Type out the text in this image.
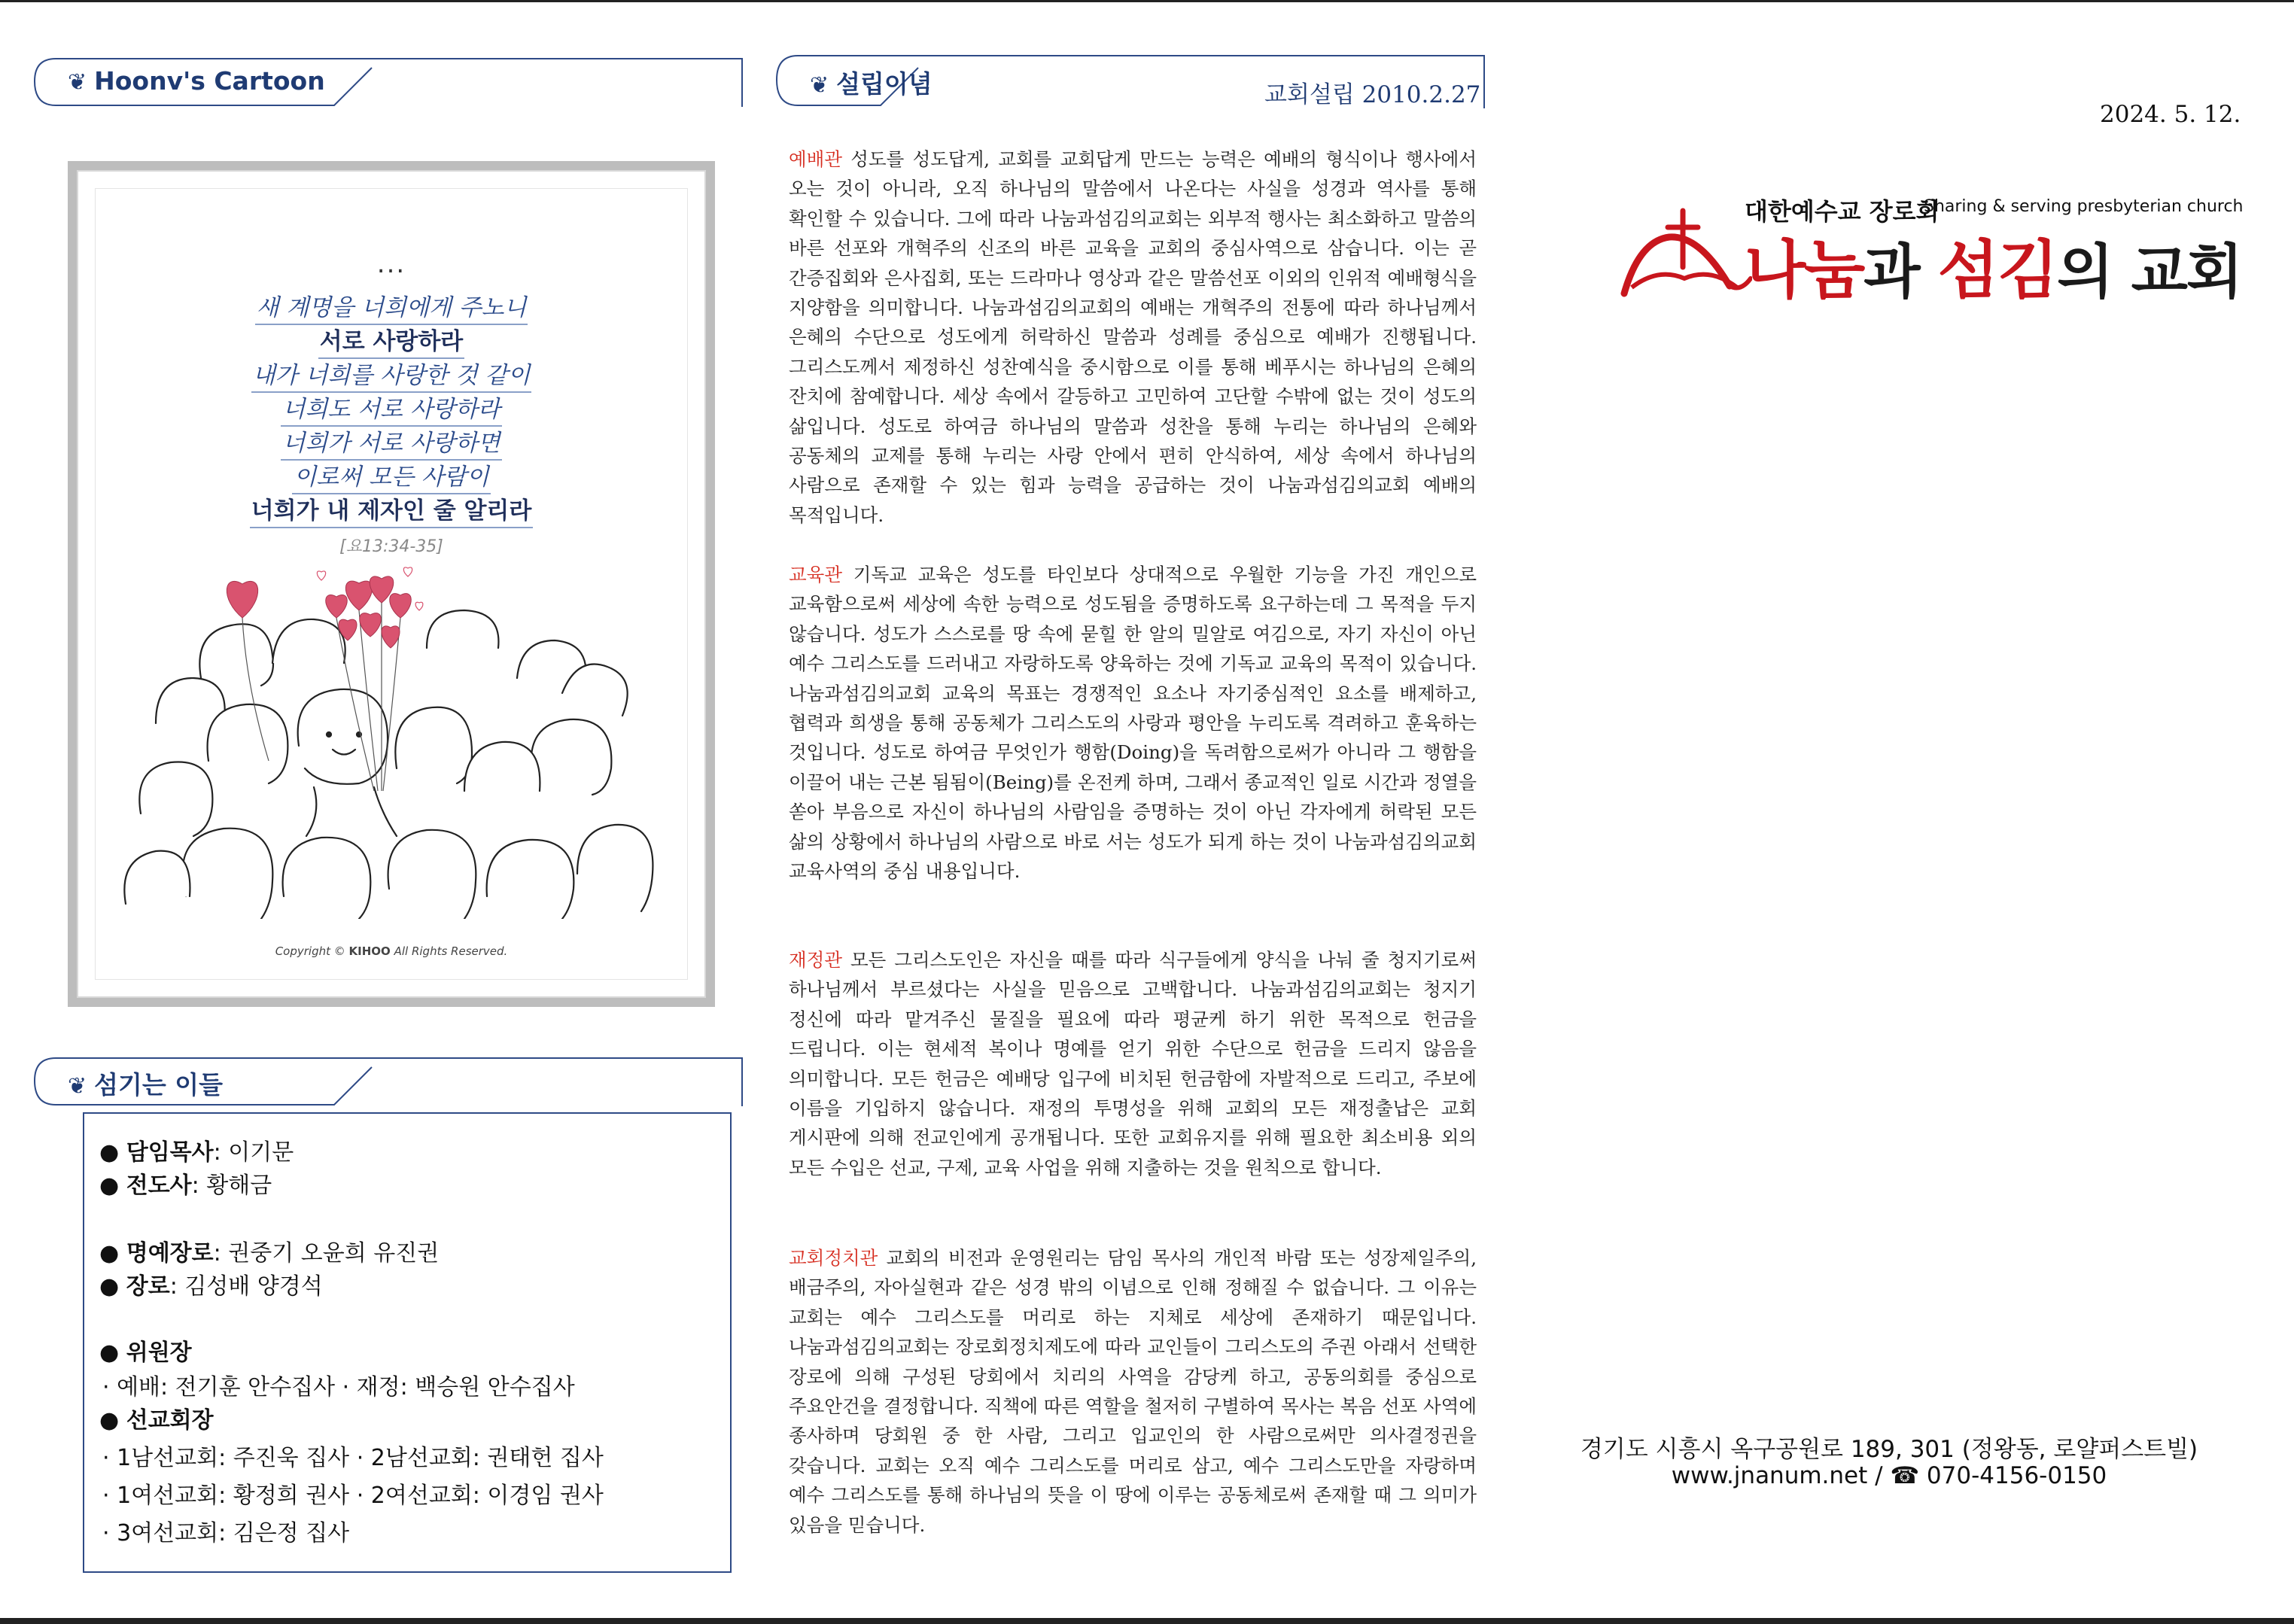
❦ Hoonv's Cartoon
...
새 계명을 너희에게 주노니
서로 사랑하라
내가 너희를 사랑한 것 같이
너희도 서로 사랑하라
너희가 서로 사랑하면
이로써 모든 사람이
너희가 내 제자인 줄 알리라
[요13:34-35]
Copyright © KIHOO All Rights Reserved.
❦ 섬기는 이들
● 담임목사: 이기문
● 전도사: 황해금
● 명예장로: 권중기 오윤희 유진권
● 장로: 김성배 양경석
● 위원장
· 예배: 전기훈 안수집사 · 재정: 백승원 안수집사
● 선교회장
· 1남선교회: 주진욱 집사 · 2남선교회: 권태헌 집사
· 1여선교회: 황정희 권사 · 2여선교회: 이경임 권사
· 3여선교회: 김은정 집사
❦ 설립이념	교회설립 2010.2.27
예배관 성도를 성도답게, 교회를 교회답게 만드는 능력은 예배의 형식이나 행사에서 오는 것이 아니라, 오직 하나님의 말씀에서 나온다는 사실을 성경과 역사를 통해 확인할 수 있습니다. 그에 따라 나눔과섬김의교회는 외부적 행사는 최소화하고 말씀의 바른 선포와 개혁주의 신조의 바른 교육을 교회의 중심사역으로 삼습니다. 이는 곧 간증집회와 은사집회, 또는 드라마나 영상과 같은 말씀선포 이외의 인위적 예배형식을 지양함을 의미합니다. 나눔과섬김의교회의 예배는 개혁주의 전통에 따라 하나님께서 은혜의 수단으로 성도에게 허락하신 말씀과 성례를 중심으로 예배가 진행됩니다. 그리스도께서 제정하신 성찬예식을 중시함으로 이를 통해 베푸시는 하나님의 은혜의 잔치에 참예합니다. 세상 속에서 갈등하고 고민하여 고단할 수밖에 없는 것이 성도의 삶입니다. 성도로 하여금 하나님의 말씀과 성찬을 통해 누리는 하나님의 은혜와 공동체의 교제를 통해 누리는 사랑 안에서 편히 안식하여, 세상 속에서 하나님의 사람으로 존재할 수 있는 힘과 능력을 공급하는 것이 나눔과섬김의교회 예배의 목적입니다.
교육관 기독교 교육은 성도를 타인보다 상대적으로 우월한 기능을 가진 개인으로 교육함으로써 세상에 속한 능력으로 성도됨을 증명하도록 요구하는데 그 목적을 두지 않습니다. 성도가 스스로를 땅 속에 묻힐 한 알의 밀알로 여김으로, 자기 자신이 아닌 예수 그리스도를 드러내고 자랑하도록 양육하는 것에 기독교 교육의 목적이 있습니다. 나눔과섬김의교회 교육의 목표는 경쟁적인 요소나 자기중심적인 요소를 배제하고, 협력과 희생을 통해 공동체가 그리스도의 사랑과 평안을 누리도록 격려하고 훈육하는 것입니다. 성도로 하여금 무엇인가 행함(Doing)을 독려함으로써가 아니라 그 행함을 이끌어 내는 근본 됨됨이(Being)를 온전케 하며, 그래서 종교적인 일로 시간과 정열을 쏟아 부음으로 자신이 하나님의 사람임을 증명하는 것이 아닌 각자에게 허락된 모든 삶의 상황에서 하나님의 사람으로 바로 서는 성도가 되게 하는 것이 나눔과섬김의교회 교육사역의 중심 내용입니다.
재정관 모든 그리스도인은 자신을 때를 따라 식구들에게 양식을 나눠 줄 청지기로써 하나님께서 부르셨다는 사실을 믿음으로 고백합니다. 나눔과섬김의교회는 청지기 정신에 따라 맡겨주신 물질을 필요에 따라 평균케 하기 위한 목적으로 헌금을 드립니다. 이는 현세적 복이나 명예를 얻기 위한 수단으로 헌금을 드리지 않음을 의미합니다. 모든 헌금은 예배당 입구에 비치된 헌금함에 자발적으로 드리고, 주보에 이름을 기입하지 않습니다. 재정의 투명성을 위해 교회의 모든 재정출납은 교회 게시판에 의해 전교인에게 공개됩니다. 또한 교회유지를 위해 필요한 최소비용 외의 모든 수입은 선교, 구제, 교육 사업을 위해 지출하는 것을 원칙으로 합니다.
교회정치관 교회의 비전과 운영원리는 담임 목사의 개인적 바람 또는 성장제일주의, 배금주의, 자아실현과 같은 성경 밖의 이념으로 인해 정해질 수 없습니다. 그 이유는 교회는 예수 그리스도를 머리로 하는 지체로 세상에 존재하기 때문입니다. 나눔과섬김의교회는 장로회정치제도에 따라 교인들이 그리스도의 주권 아래서 선택한 장로에 의해 구성된 당회에서 치리의 사역을 감당케 하고, 공동의회를 중심으로 주요안건을 결정합니다. 직책에 따른 역할을 철저히 구별하여 목사는 복음 선포 사역에 종사하며 당회원 중 한 사람, 그리고 입교인의 한 사람으로써만 의사결정권을 갖습니다. 교회는 오직 예수 그리스도를 머리로 삼고, 예수 그리스도만을 자랑하며 예수 그리스도를 통해 하나님의 뜻을 이 땅에 이루는 공동체로써 존재할 때 그 의미가 있음을 믿습니다.
2024. 5. 12.
대한예수교 장로회
Sharing & serving presbyterian church
나눔과 섬김의 교회
경기도 시흥시 옥구공원로 189, 301 (정왕동, 로얄퍼스트빌)
www.jnanum.net / ☎ 070-4156-0150
